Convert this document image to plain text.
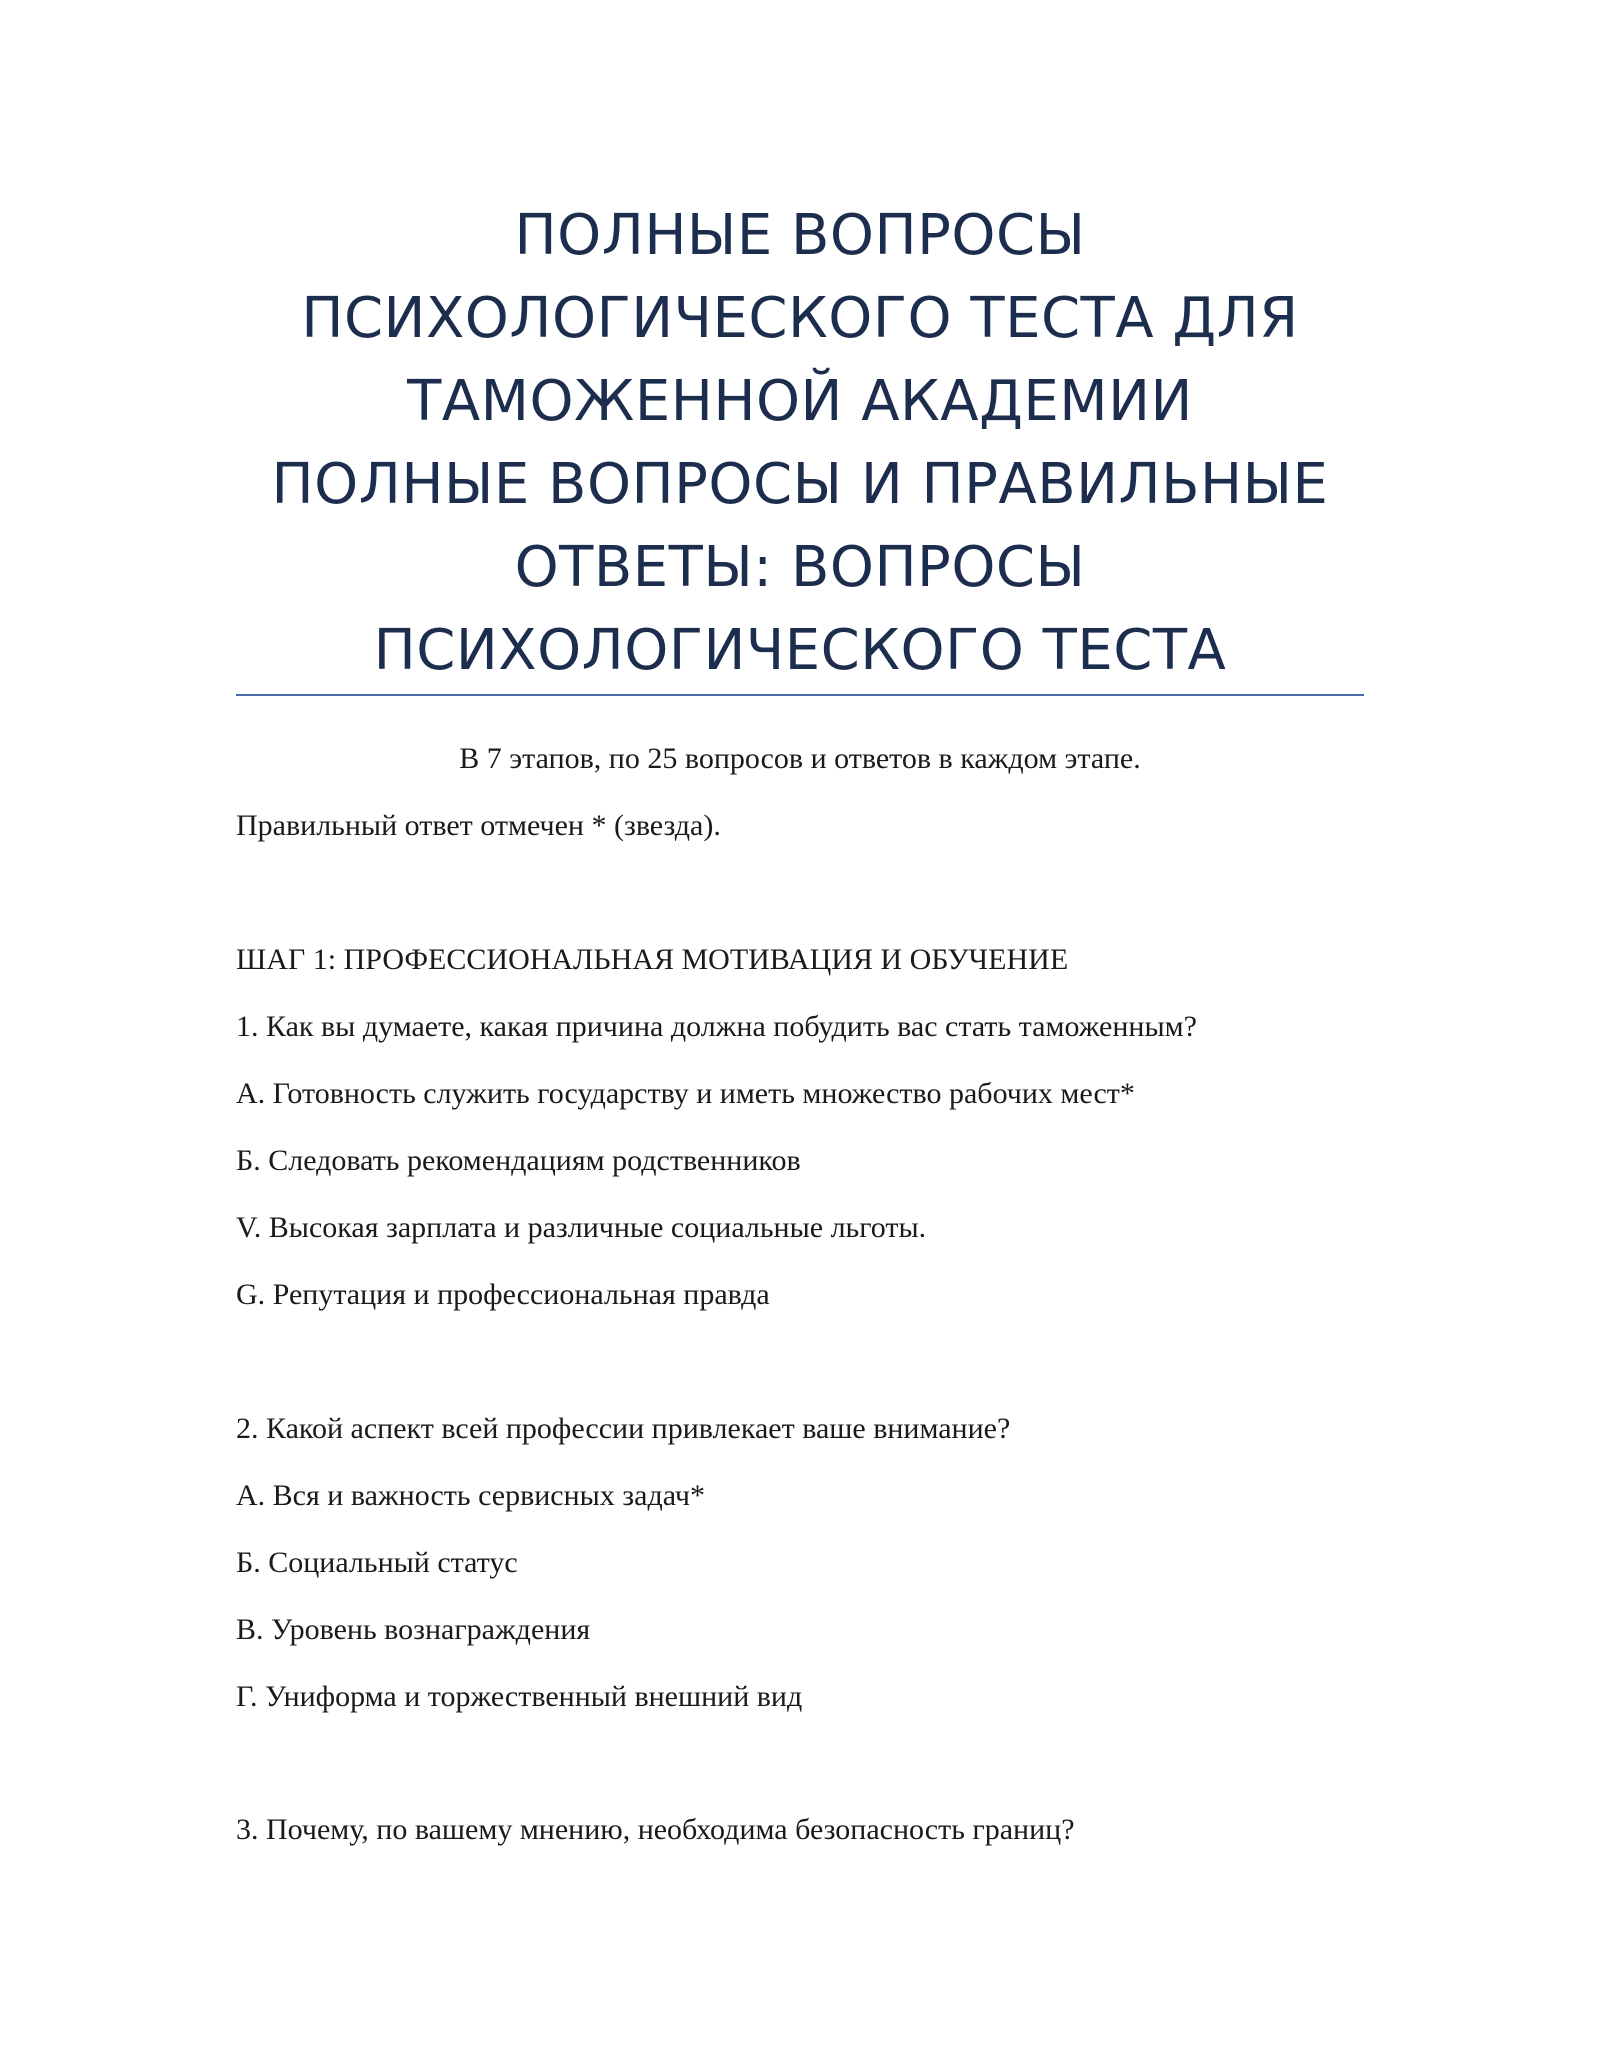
ПОЛНЫЕ ВОПРОСЫ
ПСИХОЛОГИЧЕСКОГО ТЕСТА ДЛЯ
ТАМОЖЕННОЙ АКАДЕМИИ
ПОЛНЫЕ ВОПРОСЫ И ПРАВИЛЬНЫЕ
ОТВЕТЫ: ВОПРОСЫ
ПСИХОЛОГИЧЕСКОГО ТЕСТА

В 7 этапов, по 25 вопросов и ответов в каждом этапе.

Правильный ответ отмечен * (звезда).

ШАГ 1: ПРОФЕССИОНАЛЬНАЯ МОТИВАЦИЯ И ОБУЧЕНИЕ

1. Как вы думаете, какая причина должна побудить вас стать таможенным?

А. Готовность служить государству и иметь множество рабочих мест*

Б. Следовать рекомендациям родственников

V. Высокая зарплата и различные социальные льготы.

G. Репутация и профессиональная правда

2. Какой аспект всей профессии привлекает ваше внимание?

А. Вся и важность сервисных задач*

Б. Социальный статус

В. Уровень вознаграждения

Г. Униформа и торжественный внешний вид

3. Почему, по вашему мнению, необходима безопасность границ?
